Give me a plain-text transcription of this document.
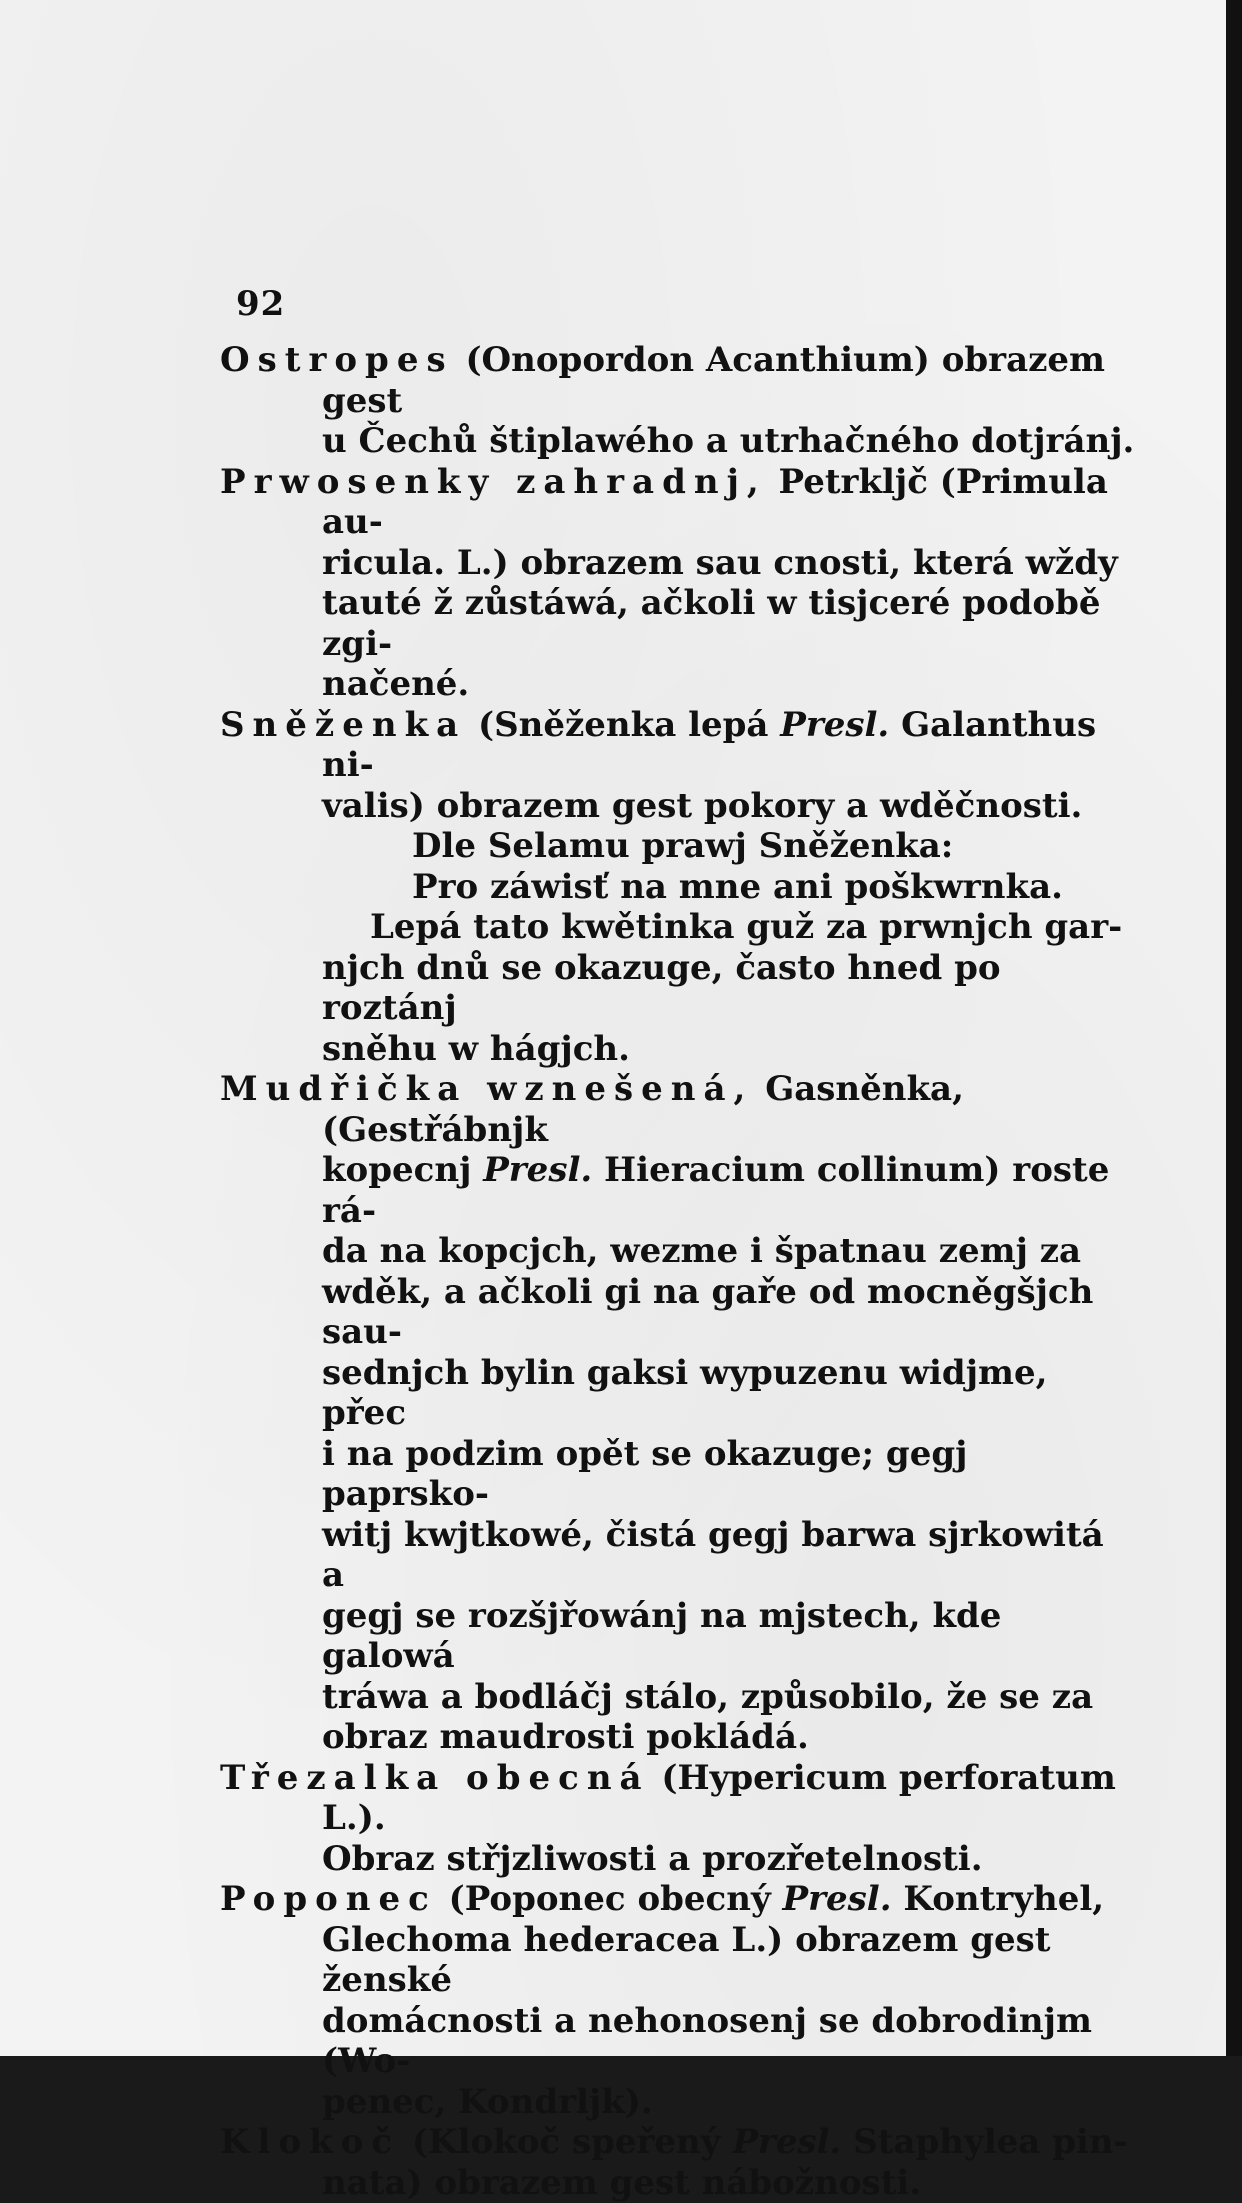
92

Ostropes (Onopordon Acanthium) obrazem gest
u Čechů štiplawého a utrhačného dotjránj.

Prwosenky zahradnj, Petrkljč (Primula au-
ricula. L.) obrazem sau cnosti, která wždy
tauté ž zůstáwá, ačkoli w tisjceré podobě zgi-
načené.

Sněženka (Sněženka lepá Presl. Galanthus ni-
valis) obrazem gest pokory a wděčnosti.

Dle Selamu prawj Sněženka:

Pro záwisť na mne ani poškwrnka.

Lepá tato kwětinka guž za prwnjch gar-
njch dnů se okazuge, často hned po roztánj
sněhu w hágjch.

Mudřička wznešená, Gasněnka, (Gestřábnjk
kopecnj Presl. Hieracium collinum) roste rá-
da na kopcjch, wezme i špatnau zemj za
wděk, a ačkoli gi na gaře od mocněgšjch sau-
sednjch bylin gaksi wypuzenu widjme, přec
i na podzim opět se okazuge; gegj paprsko-
witj kwjtkowé, čistá gegj barwa sjrkowitá a
gegj se rozšjřowánj na mjstech, kde galowá
tráwa a bodláčj stálo, způsobilo, že se za
obraz maudrosti pokládá.

Třezalka obecná (Hypericum perforatum L.).
Obraz střjzliwosti a prozřetelnosti.

Poponec (Poponec obecný Presl. Kontryhel,
Glechoma hederacea L.) obrazem gest ženské
domácnosti a nehonosenj se dobrodinjm (Wo-
penec, Kondrljk).

Klokoč (Klokoč speřený Presl. Staphylea pin-
nata) obrazem gest nábožnosti.
